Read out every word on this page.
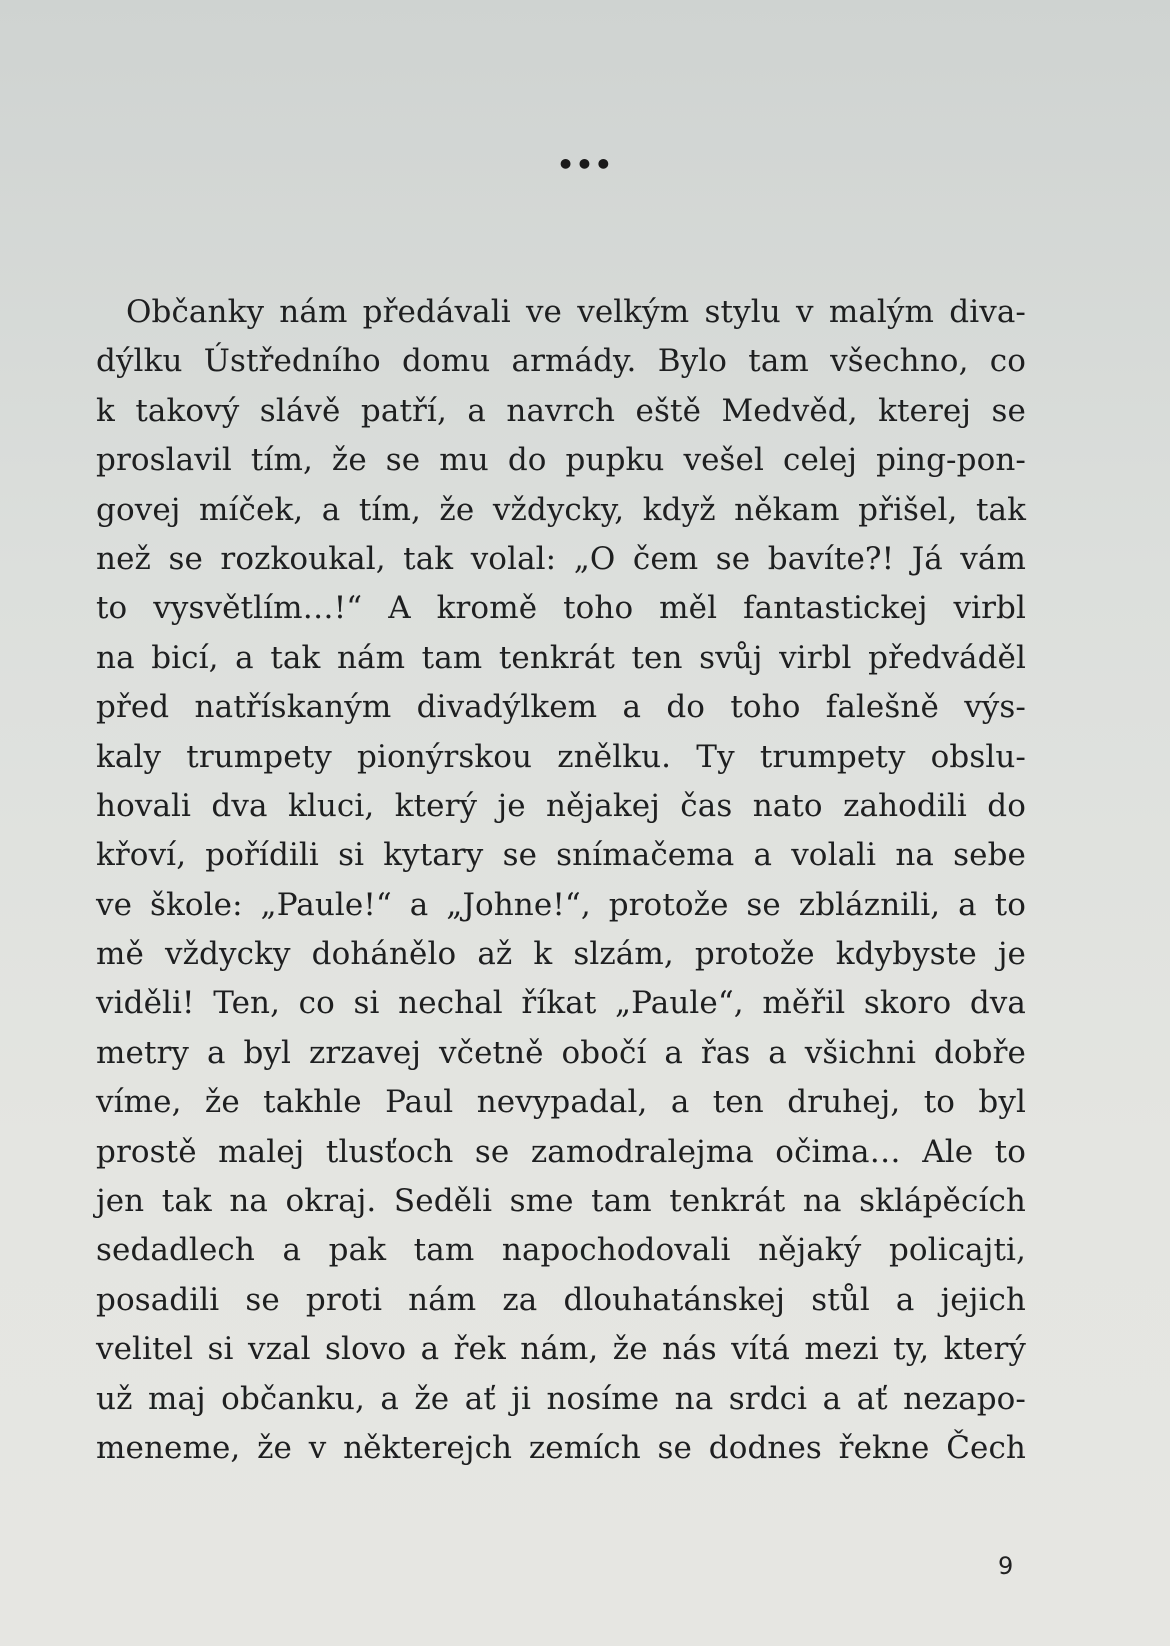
•••
Občanky nám předávali ve velkým stylu v malým diva-
dýlku Ústředního domu armády. Bylo tam všechno, co
k takový slávě patří, a navrch eště Medvěd, kterej se
proslavil tím, že se mu do pupku vešel celej ping-pon-
govej míček, a tím, že vždycky, když někam přišel, tak
než se rozkoukal, tak volal: „O čem se bavíte?! Já vám
to vysvětlím…!“ A kromě toho měl fantastickej virbl
na bicí, a tak nám tam tenkrát ten svůj virbl předváděl
před natřískaným divadýlkem a do toho falešně výs-
kaly trumpety pionýrskou znělku. Ty trumpety obslu-
hovali dva kluci, který je nějakej čas nato zahodili do
křoví, pořídili si kytary se snímačema a volali na sebe
ve škole: „Paule!“ a „Johne!“, protože se zbláznili, a to
mě vždycky dohánělo až k slzám, protože kdybyste je
viděli! Ten, co si nechal říkat „Paule“, měřil skoro dva
metry a byl zrzavej včetně obočí a řas a všichni dobře
víme, že takhle Paul nevypadal, a ten druhej, to byl
prostě malej tlusťoch se zamodralejma očima… Ale to
jen tak na okraj. Seděli sme tam tenkrát na sklápěcích
sedadlech a pak tam napochodovali nějaký policajti,
posadili se proti nám za dlouhatánskej stůl a jejich
velitel si vzal slovo a řek nám, že nás vítá mezi ty, který
už maj občanku, a že ať ji nosíme na srdci a ať nezapo-
meneme, že v některejch zemích se dodnes řekne Čech
9
